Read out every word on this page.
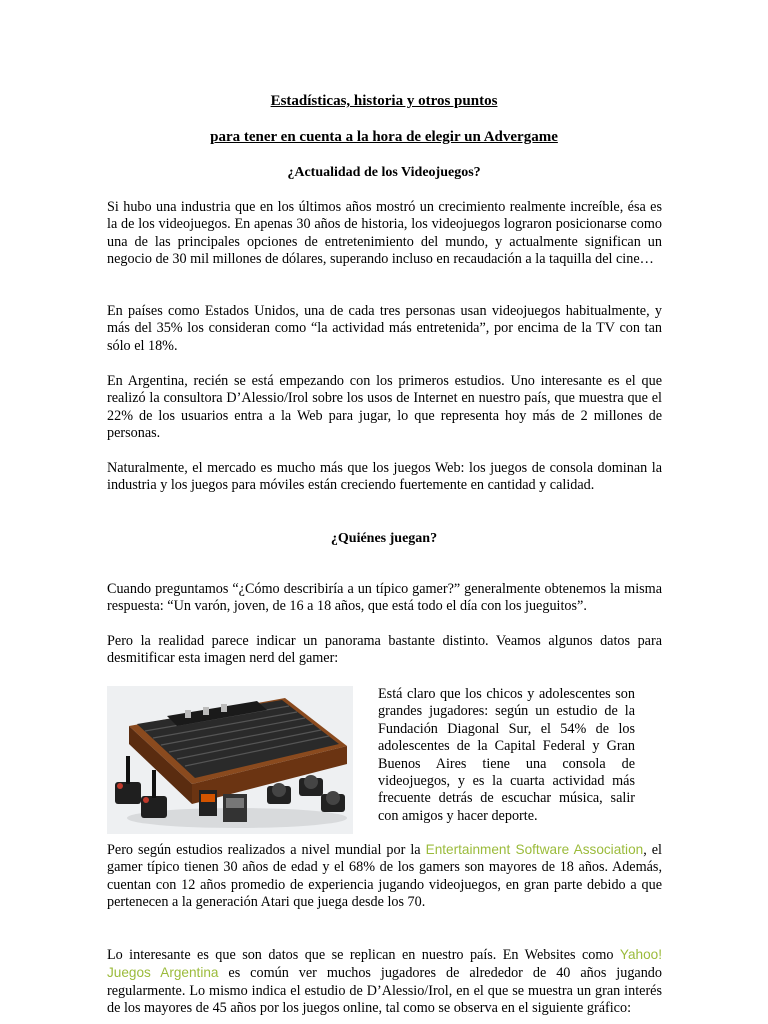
Estadísticas, historia y otros puntos

para tener en cuenta a la hora de elegir un Advergame

¿Actualidad de los Videojuegos?

Si hubo una industria que en los últimos años mostró un crecimiento realmente increíble, ésa es la de los videojuegos. En apenas 30 años de historia, los videojuegos lograron posicionarse como una de las principales opciones de entretenimiento del mundo, y actualmente significan un negocio de 30 mil millones de dólares, superando incluso en recaudación a la taquilla del cine…

En países como Estados Unidos, una de cada tres personas usan videojuegos habitualmente, y más del 35% los consideran como “la actividad más entretenida”, por encima de la TV con tan sólo el 18%.

En Argentina, recién se está empezando con los primeros estudios. Uno interesante es el que realizó la consultora D’Alessio/Irol sobre los usos de Internet en nuestro país, que muestra que el 22% de los usuarios entra a la Web para jugar, lo que representa hoy más de 2 millones de personas.

Naturalmente, el mercado es mucho más que los juegos Web: los juegos de consola dominan la industria y los juegos para móviles están creciendo fuertemente en cantidad y calidad.

¿Quiénes juegan?

Cuando preguntamos “¿Cómo describiría a un típico gamer?” generalmente obtenemos la misma respuesta: “Un varón, joven, de 16 a 18 años, que está todo el día con los jueguitos”.

Pero la realidad parece indicar un panorama bastante distinto. Veamos algunos datos para desmitificar esta imagen nerd del gamer:

Está claro que los chicos y adolescentes son grandes jugadores: según un estudio de la Fundación Diagonal Sur, el 54% de los adolescentes de la Capital Federal y Gran Buenos Aires tiene una consola de videojuegos, y es la cuarta actividad más frecuente detrás de escuchar música, salir con amigos y hacer deporte.

Pero según estudios realizados a nivel mundial por la Entertainment Software Association, el gamer típico tienen 30 años de edad y el 68% de los gamers son mayores de 18 años. Además, cuentan con 12 años promedio de experiencia jugando videojuegos, en gran parte debido a que pertenecen a la generación Atari que juega desde los 70.

Lo interesante es que son datos que se replican en nuestro país. En Websites como Yahoo! Juegos Argentina es común ver muchos jugadores de alrededor de 40 años jugando regularmente. Lo mismo indica el estudio de D’Alessio/Irol, en el que se muestra un gran interés de los mayores de 45 años por los juegos online, tal como se observa en el siguiente gráfico:
